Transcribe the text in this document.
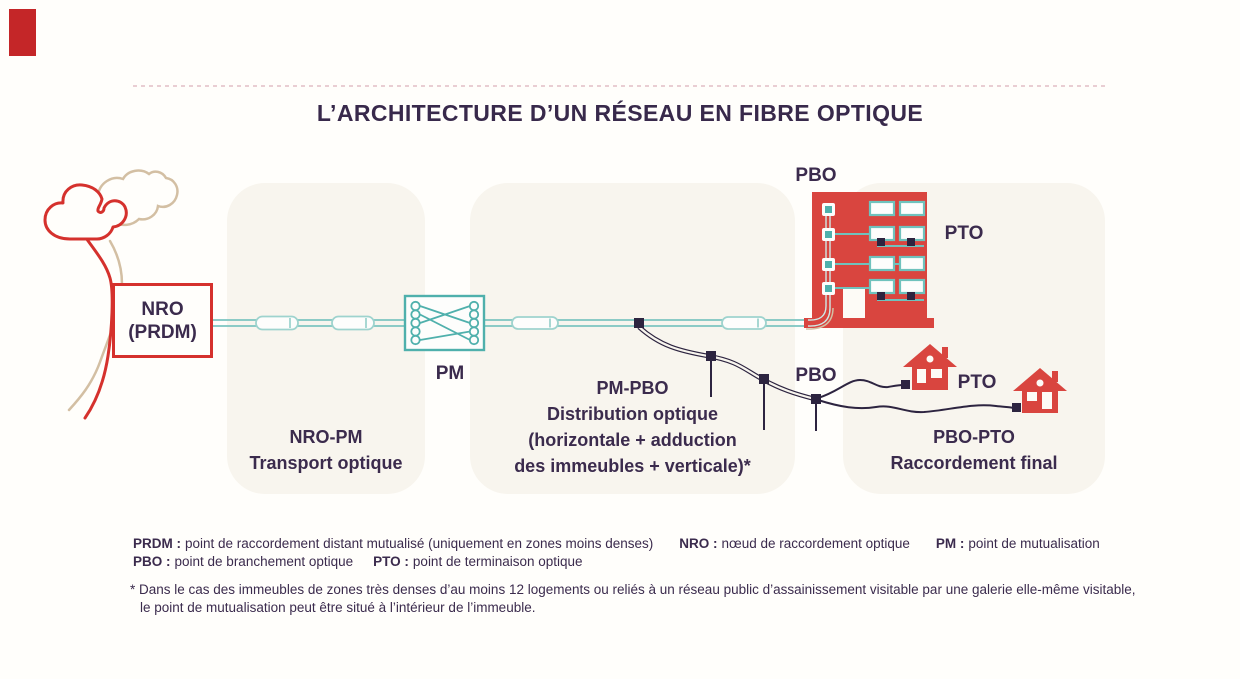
L’ARCHITECTURE D’UN RÉSEAU EN FIBRE OPTIQUE
NRO
(PRDM)
PM
PBO
PTO
PBO	PTO
NRO-PM
Transport optique
PM-PBO
Distribution optique
(horizontale + adduction
des immeubles + verticale)*
PBO-PTO
Raccordement final
PRDM : point de raccordement distant mutualisé (uniquement en zones moins denses) NRO : nœud de raccordement optique PM : point de mutualisation
PBO : point de branchement optique PTO : point de terminaison optique
* Dans le cas des immeubles de zones très denses d’au moins 12 logements ou reliés à un réseau public d’assainissement visitable par une galerie elle-même visitable,
le point de mutualisation peut être situé à l’intérieur de l’immeuble.
